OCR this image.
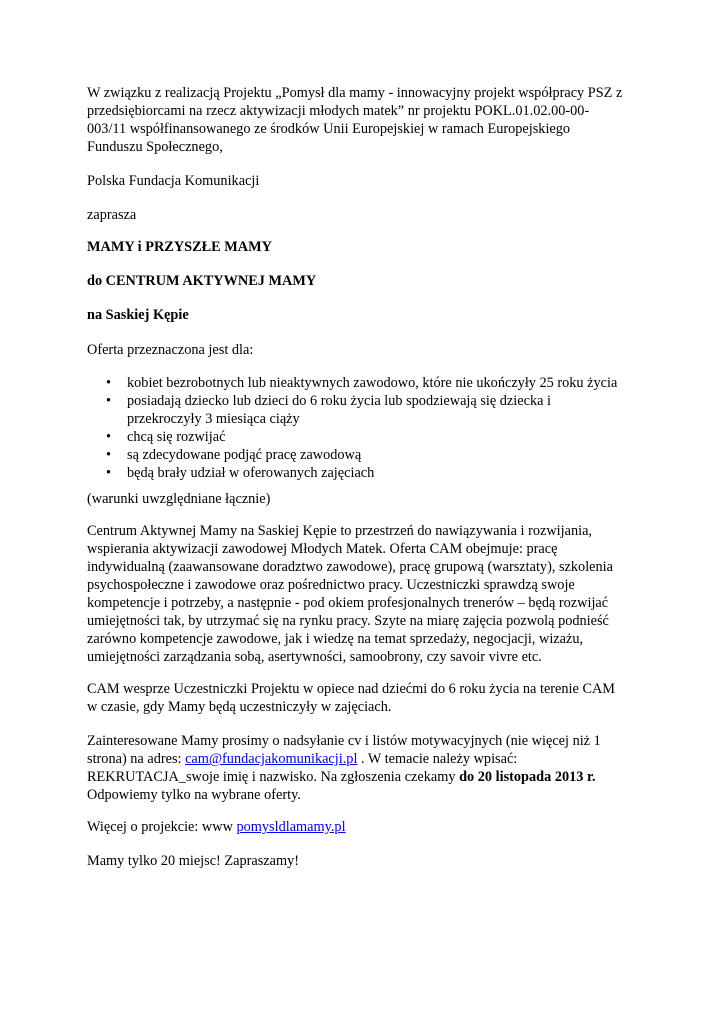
W związku z realizacją Projektu „Pomysł dla mamy - innowacyjny projekt współpracy PSZ z
przedsiębiorcami na rzecz aktywizacji młodych matek” nr projektu POKL.01.02.00-00-
003/11 współfinansowanego ze środków Unii Europejskiej w ramach Europejskiego
Funduszu Społecznego,
Polska Fundacja Komunikacji
zaprasza
MAMY i PRZYSZŁE MAMY
do CENTRUM AKTYWNEJ MAMY
na Saskiej Kępie
Oferta przeznaczona jest dla:
• kobiet bezrobotnych lub nieaktywnych zawodowo, które nie ukończyły 25 roku życia
• posiadają dziecko lub dzieci do 6 roku życia lub spodziewają się dziecka i
przekroczyły 3 miesiąca ciąży
• chcą się rozwijać
• są zdecydowane podjąć pracę zawodową
• będą brały udział w oferowanych zajęciach
(warunki uwzględniane łącznie)
Centrum Aktywnej Mamy na Saskiej Kępie to przestrzeń do nawiązywania i rozwijania,
wspierania aktywizacji zawodowej Młodych Matek. Oferta CAM obejmuje: pracę
indywidualną (zaawansowane doradztwo zawodowe), pracę grupową (warsztaty), szkolenia
psychospołeczne i zawodowe oraz pośrednictwo pracy. Uczestniczki sprawdzą swoje
kompetencje i potrzeby, a następnie - pod okiem profesjonalnych trenerów – będą rozwijać
umiejętności tak, by utrzymać się na rynku pracy. Szyte na miarę zajęcia pozwolą podnieść
zarówno kompetencje zawodowe, jak i wiedzę na temat sprzedaży, negocjacji, wizażu,
umiejętności zarządzania sobą, asertywności, samoobrony, czy savoir vivre etc.
CAM wesprze Uczestniczki Projektu w opiece nad dziećmi do 6 roku życia na terenie CAM
w czasie, gdy Mamy będą uczestniczyły w zajęciach.
Zainteresowane Mamy prosimy o nadsyłanie cv i listów motywacyjnych (nie więcej niż 1
strona) na adres: cam@fundacjakomunikacji.pl . W temacie należy wpisać:
REKRUTACJA_swoje imię i nazwisko. Na zgłoszenia czekamy do 20 listopada 2013 r.
Odpowiemy tylko na wybrane oferty.
Więcej o projekcie: www pomysldlamamy.pl
Mamy tylko 20 miejsc! Zapraszamy!
